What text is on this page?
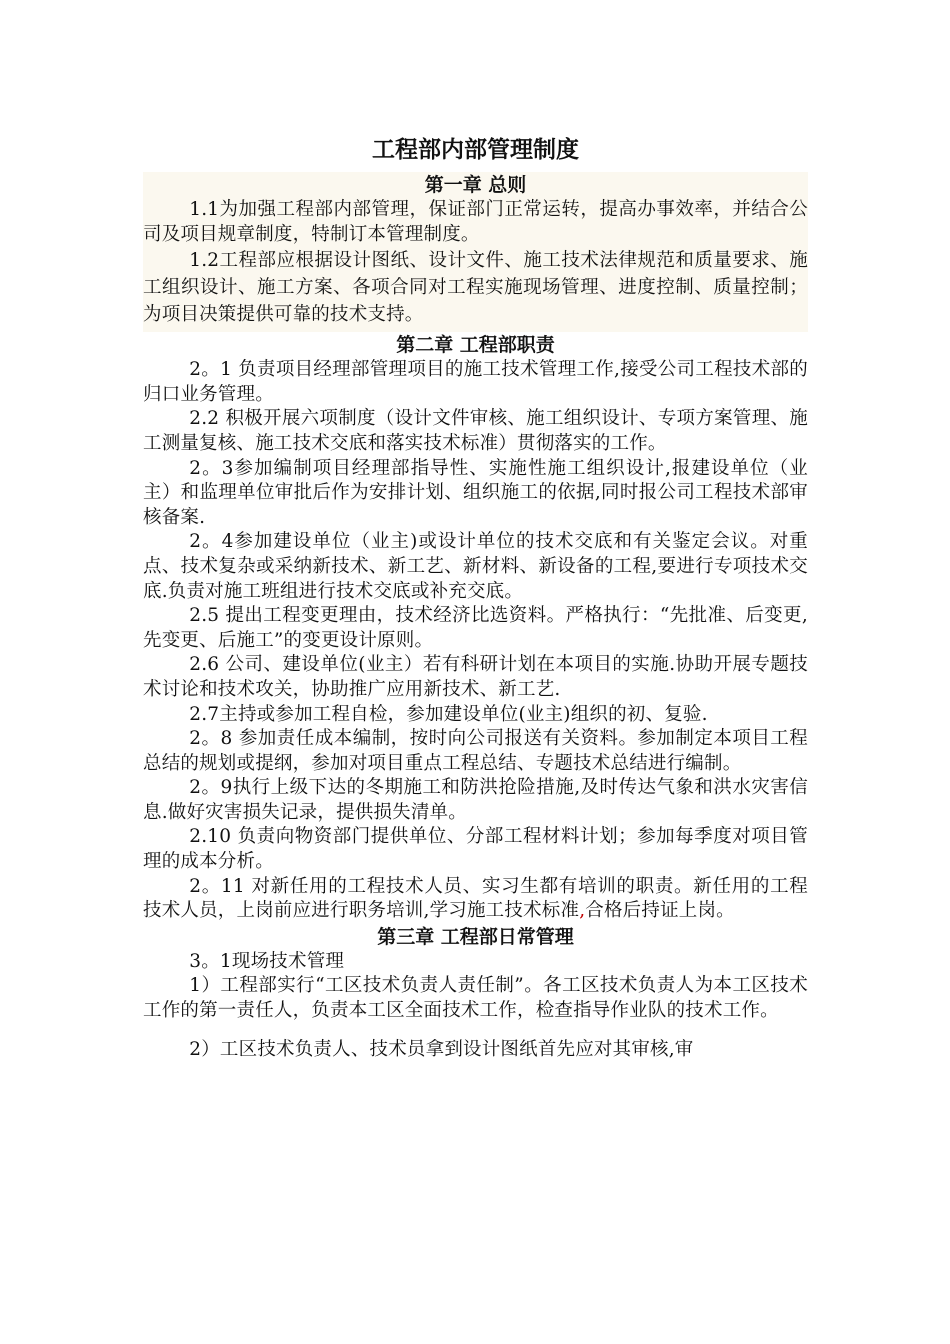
工程部内部管理制度
第一章 总则

1.1为加强工程部内部管理，保证部门正常运转，提高办事效率，并结合公司及项目规章制度，特制订本管理制度。

1.2工程部应根据设计图纸、设计文件、施工技术法律规范和质量要求、施工组织设计、施工方案、各项合同对工程实施现场管理、进度控制、质量控制；为项目决策提供可靠的技术支持。

第二章 工程部职责

2。1 负责项目经理部管理项目的施工技术管理工作,接受公司工程技术部的归口业务管理。

2.2 积极开展六项制度（设计文件审核、施工组织设计、专项方案管理、施工测量复核、施工技术交底和落实技术标准）贯彻落实的工作。

2。3参加编制项目经理部指导性、实施性施工组织设计,报建设单位（业主）和监理单位审批后作为安排计划、组织施工的依据,同时报公司工程技术部审核备案.

2。4参加建设单位（业主)或设计单位的技术交底和有关鉴定会议。对重点、技术复杂或采纳新技术、新工艺、新材料、新设备的工程,要进行专项技术交底.负责对施工班组进行技术交底或补充交底。

2.5 提出工程变更理由，技术经济比选资料。严格执行：“先批准、后变更,先变更、后施工”的变更设计原则。

2.6 公司、建设单位(业主）若有科研计划在本项目的实施.协助开展专题技术讨论和技术攻关，协助推广应用新技术、新工艺.

2.7主持或参加工程自检，参加建设单位(业主)组织的初、复验.

2。8 参加责任成本编制，按时向公司报送有关资料。参加制定本项目工程总结的规划或提纲，参加对项目重点工程总结、专题技术总结进行编制。

2。9执行上级下达的冬期施工和防洪抢险措施,及时传达气象和洪水灾害信息.做好灾害损失记录，提供损失清单。

2.10 负责向物资部门提供单位、分部工程材料计划；参加每季度对项目管理的成本分析。

2。11 对新任用的工程技术人员、实习生都有培训的职责。新任用的工程技术人员，上岗前应进行职务培训,学习施工技术标准,合格后持证上岗。

第三章 工程部日常管理

3。1现场技术管理

1）工程部实行“工区技术负责人责任制”。各工区技术负责人为本工区技术工作的第一责任人，负责本工区全面技术工作，检查指导作业队的技术工作。

2）工区技术负责人、技术员拿到设计图纸首先应对其审核,审
